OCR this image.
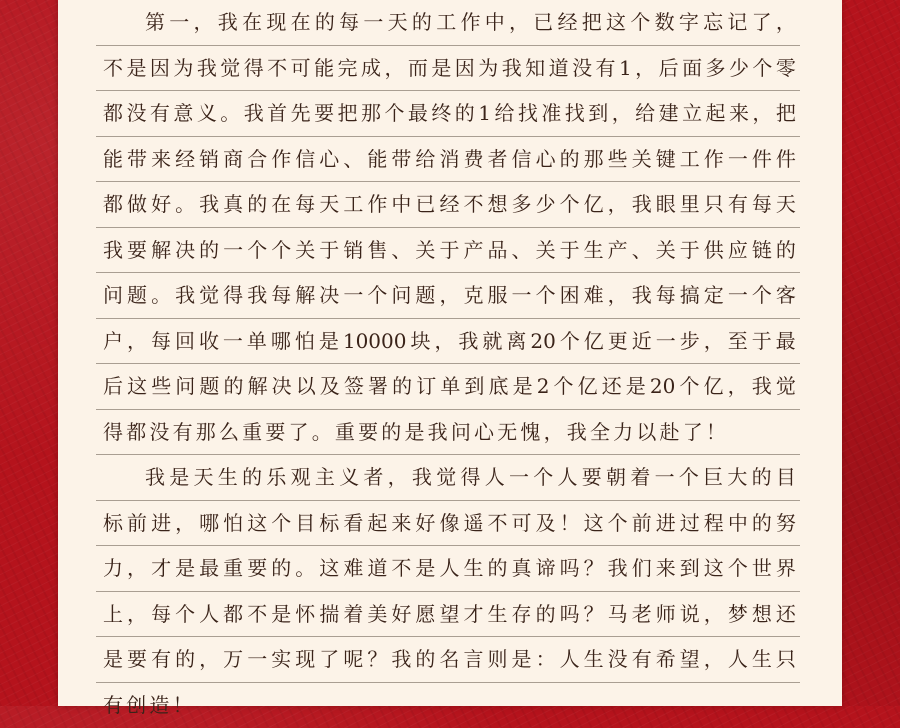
第 一 ， 我 在 现 在 的 每 一 天 的 工 作 中 ， 已 经 把 这 个 数 字 忘 记 了 ，
不 是 因 为 我 觉 得 不 可 能 完 成 ， 而 是 因 为 我 知 道 没 有 1 ， 后 面 多 少 个 零
都 没 有 意 义 。 我 首 先 要 把 那 个 最 终 的 1 给 找 准 找 到 ， 给 建 立 起 来 ， 把
能 带 来 经 销 商 合 作 信 心 、 能 带 给 消 费 者 信 心 的 那 些 关 键 工 作 一 件 件
都 做 好 。 我 真 的 在 每 天 工 作 中 已 经 不 想 多 少 个 亿 ， 我 眼 里 只 有 每 天
我 要 解 决 的 一 个 个 关 于 销 售 、 关 于 产 品 、 关 于 生 产 、 关 于 供 应 链 的
问 题 。 我 觉 得 我 每 解 决 一 个 问 题 ， 克 服 一 个 困 难 ， 我 每 搞 定 一 个 客
户 ， 每 回 收 一 单 哪 怕 是 10000 块 ， 我 就 离 20 个 亿 更 近 一 步 ， 至 于 最
后 这 些 问 题 的 解 决 以 及 签 署 的 订 单 到 底 是 2 个 亿 还 是 20 个 亿 ， 我 觉
得 都 没 有 那 么 重 要 了 。 重 要 的 是 我 问 心 无 愧 ， 我 全 力 以 赴 了 ！
我 是 天 生 的 乐 观 主 义 者 ， 我 觉 得 人 一 个 人 要 朝 着 一 个 巨 大 的 目
标 前 进 ， 哪 怕 这 个 目 标 看 起 来 好 像 遥 不 可 及 ！ 这 个 前 进 过 程 中 的 努
力 ， 才 是 最 重 要 的 。 这 难 道 不 是 人 生 的 真 谛 吗 ？ 我 们 来 到 这 个 世 界
上 ， 每 个 人 都 不 是 怀 揣 着 美 好 愿 望 才 生 存 的 吗 ？ 马 老 师 说 ， 梦 想 还
是 要 有 的 ， 万 一 实 现 了 呢 ？ 我 的 名 言 则 是 ： 人 生 没 有 希 望 ， 人 生 只
有 创 造 ！
